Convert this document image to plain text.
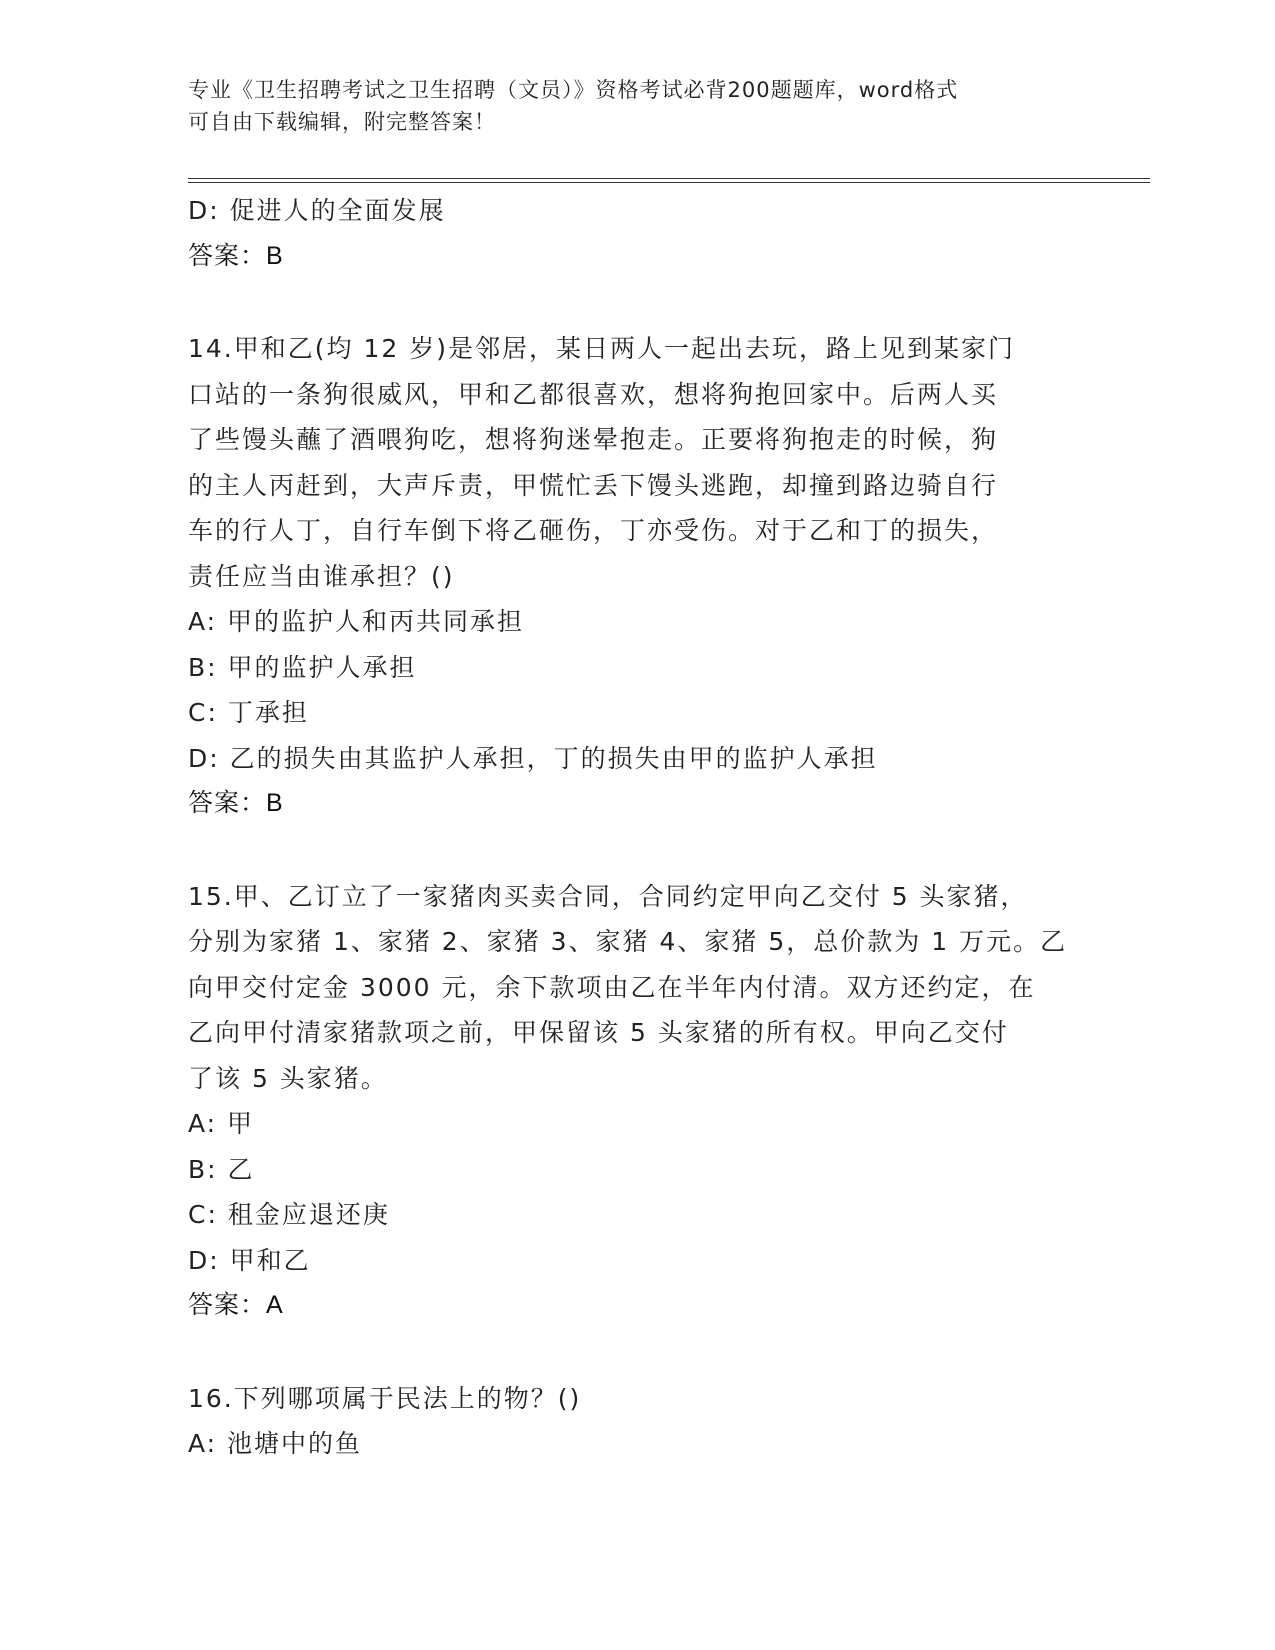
专业《卫生招聘考试之卫生招聘（文员）》资格考试必背200题题库，word格式
可自由下载编辑，附完整答案！
D: 促进人的全面发展
答案：B
14.甲和乙(均 12 岁)是邻居，某日两人一起出去玩，路上见到某家门
口站的一条狗很威风，甲和乙都很喜欢，想将狗抱回家中。后两人买
了些馒头蘸了酒喂狗吃，想将狗迷晕抱走。正要将狗抱走的时候，狗
的主人丙赶到，大声斥责，甲慌忙丢下馒头逃跑，却撞到路边骑自行
车的行人丁，自行车倒下将乙砸伤，丁亦受伤。对于乙和丁的损失，
责任应当由谁承担？()
A: 甲的监护人和丙共同承担
B: 甲的监护人承担
C: 丁承担
D: 乙的损失由其监护人承担，丁的损失由甲的监护人承担
答案：B
15.甲、乙订立了一家猪肉买卖合同，合同约定甲向乙交付 5 头家猪，
分别为家猪 1、家猪 2、家猪 3、家猪 4、家猪 5，总价款为 1 万元。乙
向甲交付定金 3000 元，余下款项由乙在半年内付清。双方还约定，在
乙向甲付清家猪款项之前，甲保留该 5 头家猪的所有权。甲向乙交付
了该 5 头家猪。
A: 甲
B: 乙
C: 租金应退还庚
D: 甲和乙
答案：A
16.下列哪项属于民法上的物？()
A: 池塘中的鱼
